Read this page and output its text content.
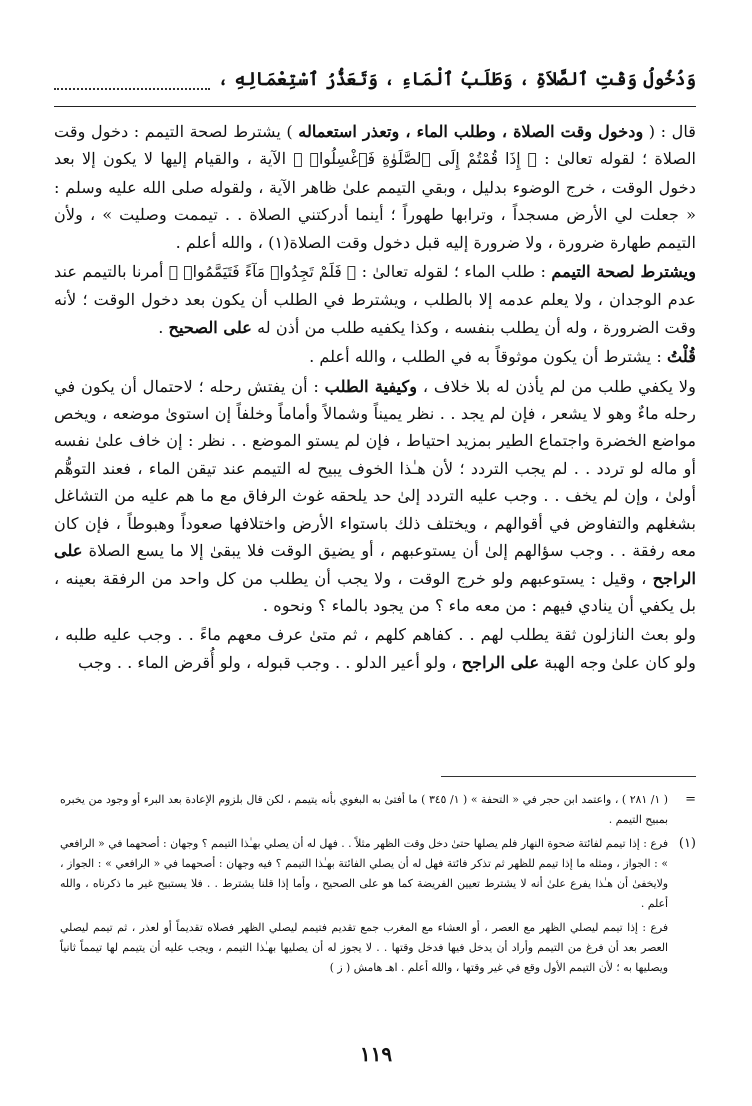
وَدُخُولُ وَقْتِ ٱلصَّلاَةِ ، وَطَلَبُ ٱلْمَاءِ ، وَتَعَذُّرُ ٱسْتِعْمَالِهِ ،

قال : ( ودخول وقت الصلاة ، وطلب الماء ، وتعذر استعماله ) يشترط لصحة التيمم : دخول وقت الصلاة ؛ لقوله تعالىٰ : ﴿ إِذَا قُمْتُمْ إِلَى ٱلصَّلَوٰةِ فَٱغْسِلُوا۟ ﴾ الآية ، والقيام إليها لا يكون إلا بعد دخول الوقت ، خرج الوضوء بدليل ، وبقي التيمم علىٰ ظاهر الآية ، ولقوله صلى الله عليه وسلم : « جعلت لي الأرض مسجداً ، وترابها طهوراً ؛ أينما أدركتني الصلاة . . تيممت وصليت » ، ولأن التيمم طهارة ضرورة ، ولا ضرورة إليه قبل دخول وقت الصلاة(١) ، والله أعلم .

ويشترط لصحة التيمم : طلب الماء ؛ لقوله تعالىٰ : ﴿ فَلَمْ تَجِدُوا۟ مَآءً فَتَيَمَّمُوا۟ ﴾ أمرنا بالتيمم عند عدم الوجدان ، ولا يعلم عدمه إلا بالطلب ، ويشترط في الطلب أن يكون بعد دخول الوقت ؛ لأنه وقت الضرورة ، وله أن يطلب بنفسه ، وكذا يكفيه طلب من أذن له على الصحيح .

قُلْتُ : يشترط أن يكون موثوقاً به في الطلب ، والله أعلم .

ولا يكفي طلب من لم يأذن له بلا خلاف ، وكيفية الطلب : أن يفتش رحله ؛ لاحتمال أن يكون في رحله ماءٌ وهو لا يشعر ، فإن لم يجد . . نظر يميناً وشمالاً وأماماً وخلفاً إن استوىٰ موضعه ، ويخص مواضع الخضرة واجتماع الطير بمزيد احتياط ، فإن لم يستو الموضع . . نظر : إن خاف علىٰ نفسه أو ماله لو تردد . . لم يجب التردد ؛ لأن هـٰذا الخوف يبيح له التيمم عند تيقن الماء ، فعند التوهُّم أولىٰ ، وإن لم يخف . . وجب عليه التردد إلىٰ حد يلحقه غوث الرفاق مع ما هم عليه من التشاغل بشغلهم والتفاوض في أقوالهم ، ويختلف ذلك باستواء الأرض واختلافها صعوداً وهبوطاً ، فإن كان معه رفقة . . وجب سؤالهم إلىٰ أن يستوعبهم ، أو يضيق الوقت فلا يبقىٰ إلا ما يسع الصلاة على الراجح ، وقيل : يستوعبهم ولو خرج الوقت ، ولا يجب أن يطلب من كل واحد من الرفقة بعينه ، بل يكفي أن ينادي فيهم : من معه ماء ؟ من يجود بالماء ؟ ونحوه .

ولو بعث النازلون ثقة يطلب لهم . . كفاهم كلهم ، ثم متىٰ عرف معهم ماءً . . وجب عليه طلبه ، ولو كان علىٰ وجه الهبة على الراجح ، ولو أعير الدلو . . وجب قبوله ، ولو أُقرض الماء . . وجب

=
( ١/ ٢٨١ ) ، واعتمد ابن حجر في « التحفة » ( ١/ ٣٤٥ ) ما أفتىٰ به البغوي بأنه يتيمم ، لكن قال بلزوم الإعادة بعد البرء أو وجود من يخبره بمبيح التيمم .
(١)
فرع : إذا تيمم لفائتة ضحوة النهار فلم يصلها حتىٰ دخل وقت الظهر مثلاً . . فهل له أن يصلي بهـٰذا التيمم ؟ وجهان : أصحهما في « الرافعي » : الجواز ، ومثله ما إذا تيمم للظهر ثم تذكر فائتة فهل له أن يصلي الفائتة بهـٰذا التيمم ؟ فيه وجهان : أصحهما في « الرافعي » : الجواز ، ولايخفىٰ أن هـٰذا يفرع علىٰ أنه لا يشترط تعيين الفريضة كما هو على الصحيح ، وأما إذا قلنا يشترط . . فلا يستبيح غير ما ذكرناه ، والله أعلم .
فرع : إذا تيمم ليصلي الظهر مع العصر ، أو العشاء مع المغرب جمع تقديم فتيمم ليصلي الظهر فصلاه تقديماً أو لعذر ، ثم تيمم ليصلي العصر بعد أن فرغ من التيمم وأراد أن يدخل فيها فدخل وقتها . . لا يجوز له أن يصليها بهـٰذا التيمم ، ويجب عليه أن يتيمم لها تيمماً ثانياً ويصليها به ؛ لأن التيمم الأول وقع في غير وقتها ، والله أعلم . اهـ هامش ( ز )
١١٩
